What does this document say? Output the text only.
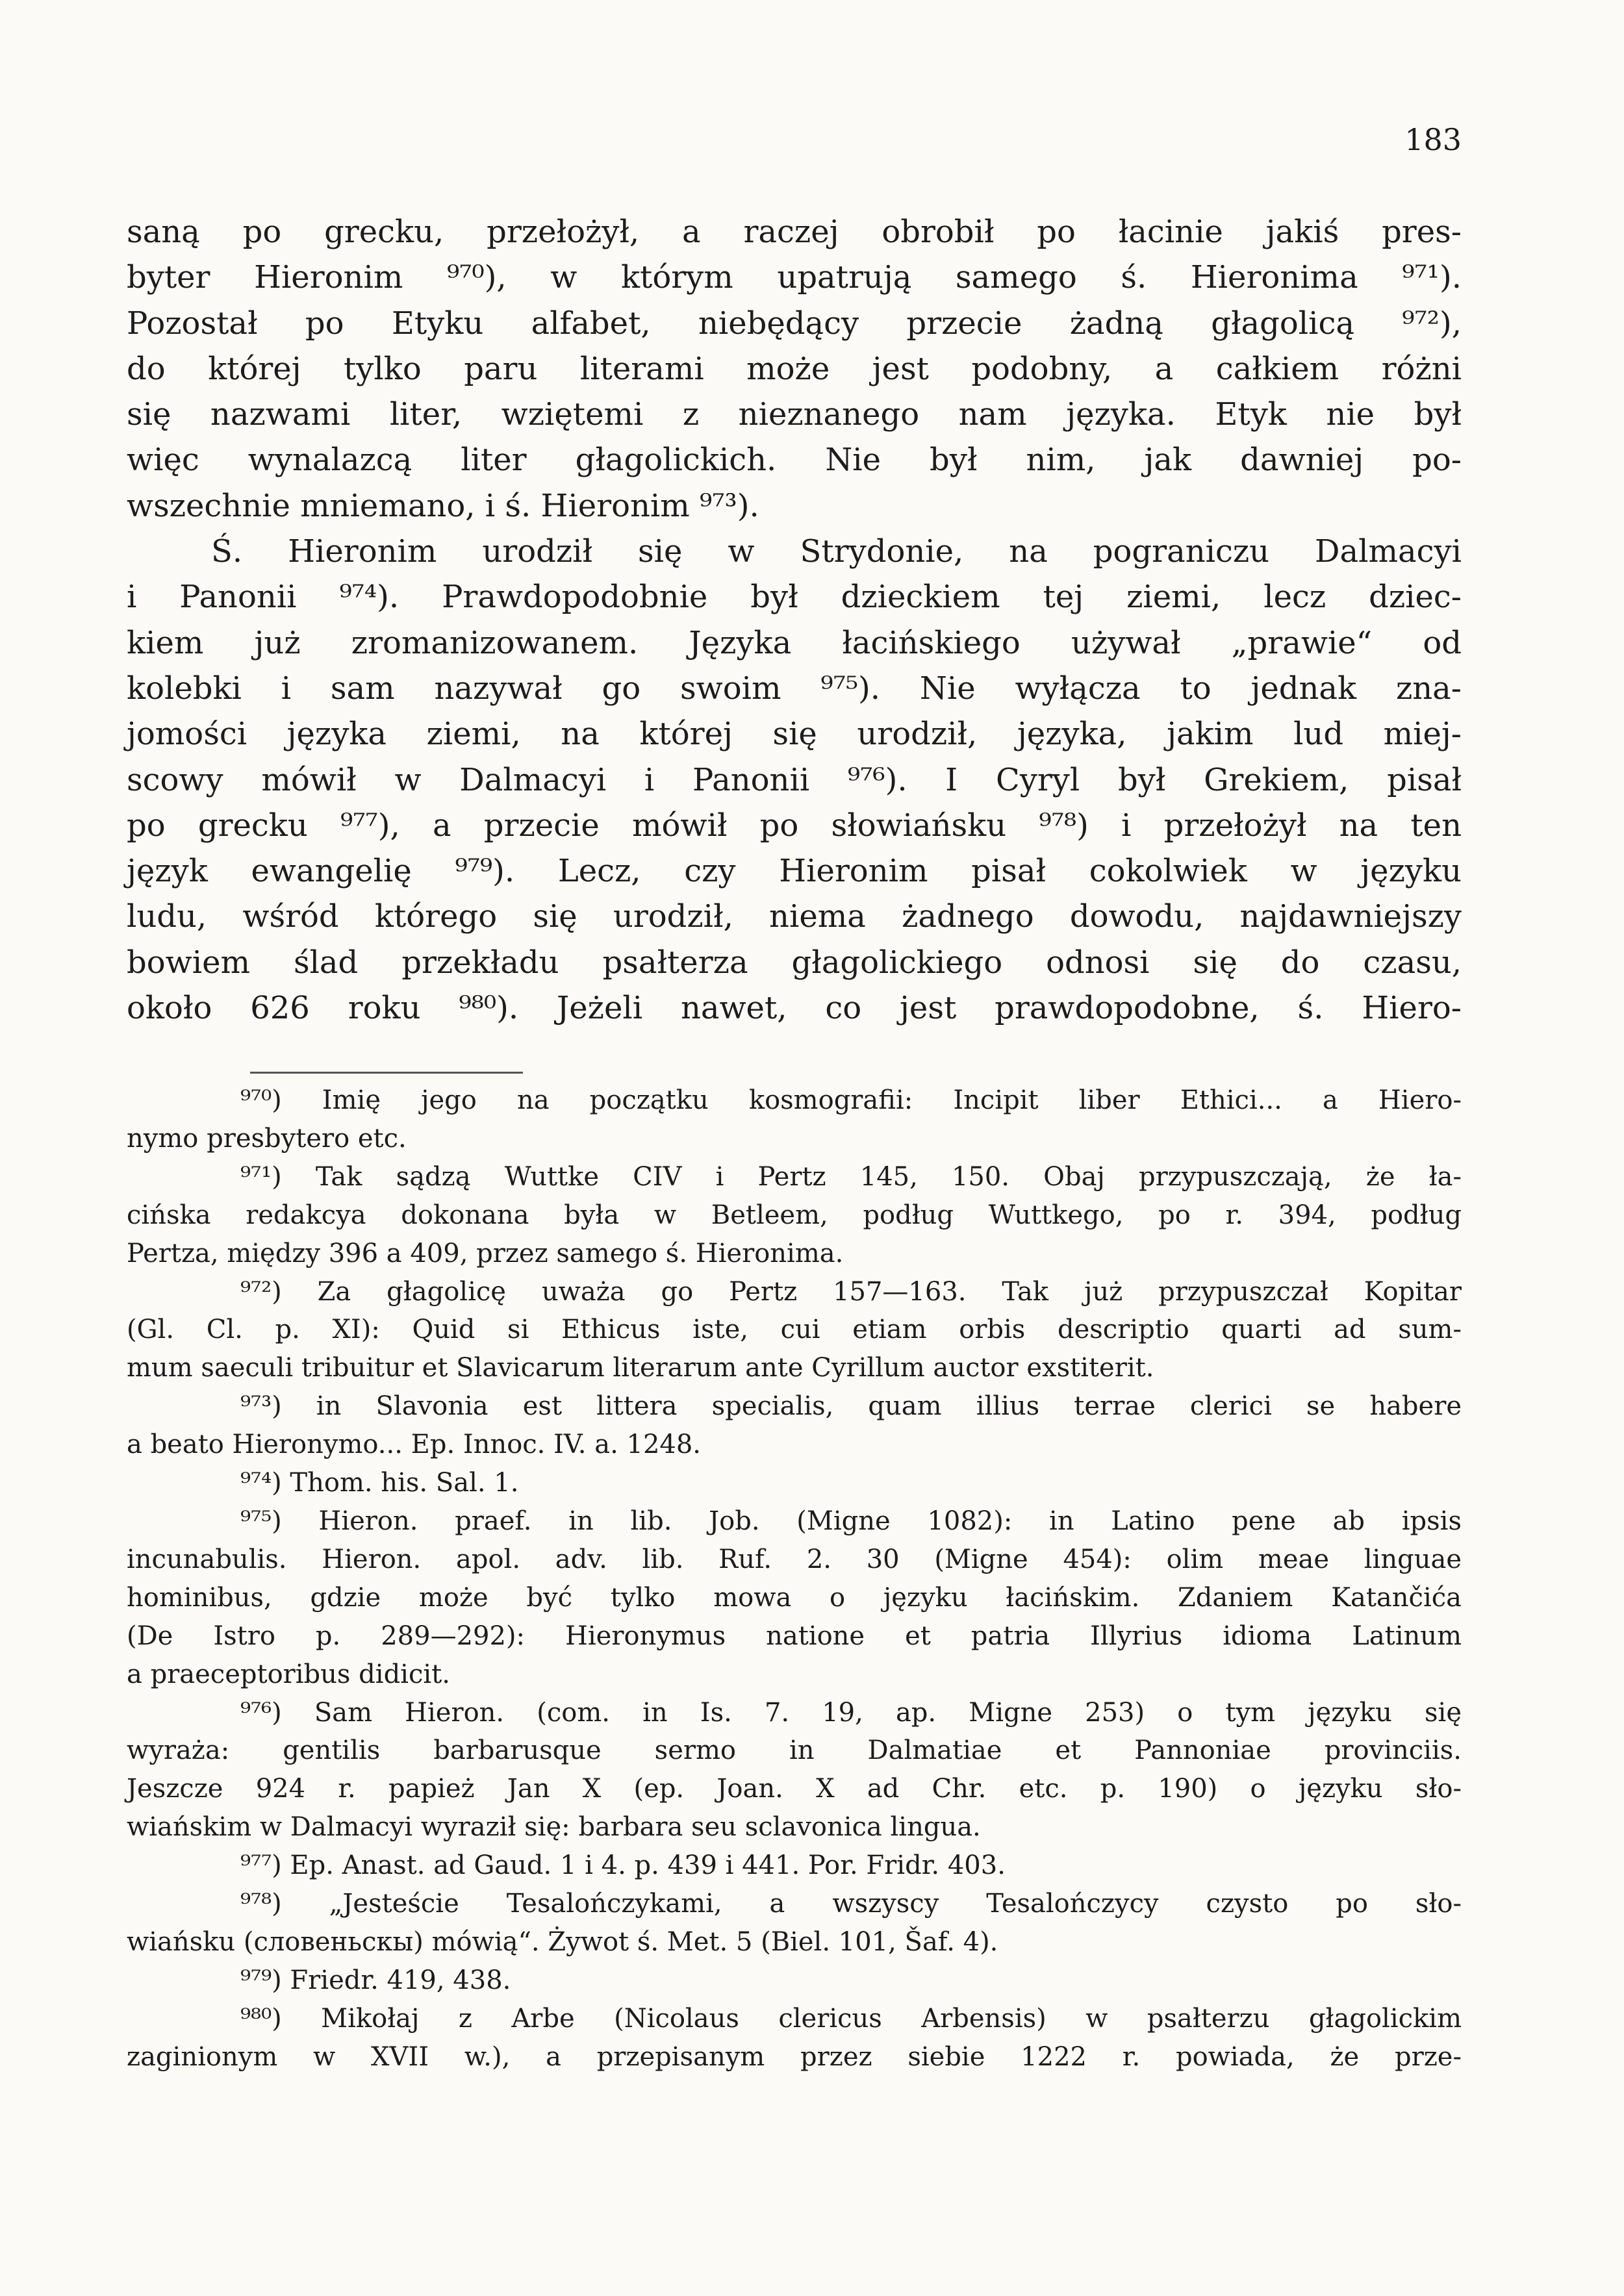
183
saną po grecku, przełożył, a raczej obrobił po łacinie jakiś pres-
byter Hieronim ⁹⁷⁰), w którym upatrują samego ś. Hieronima ⁹⁷¹).
Pozostał po Etyku alfabet, niebędący przecie żadną głagolicą ⁹⁷²),
do której tylko paru literami może jest podobny, a całkiem różni
się nazwami liter, wziętemi z nieznanego nam języka. Etyk nie był
więc wynalazcą liter głagolickich. Nie był nim, jak dawniej po-
wszechnie mniemano, i ś. Hieronim ⁹⁷³).
Ś. Hieronim urodził się w Strydonie, na pograniczu Dalmacyi
i Panonii ⁹⁷⁴). Prawdopodobnie był dzieckiem tej ziemi, lecz dziec-
kiem już zromanizowanem. Języka łacińskiego używał „prawie“ od
kolebki i sam nazywał go swoim ⁹⁷⁵). Nie wyłącza to jednak zna-
jomości języka ziemi, na której się urodził, języka, jakim lud miej-
scowy mówił w Dalmacyi i Panonii ⁹⁷⁶). I Cyryl był Grekiem, pisał
po grecku ⁹⁷⁷), a przecie mówił po słowiańsku ⁹⁷⁸) i przełożył na ten
język ewangelię ⁹⁷⁹). Lecz, czy Hieronim pisał cokolwiek w języku
ludu, wśród którego się urodził, niema żadnego dowodu, najdawniejszy
bowiem ślad przekładu psałterza głagolickiego odnosi się do czasu,
około 626 roku ⁹⁸⁰). Jeżeli nawet, co jest prawdopodobne, ś. Hiero-
⁹⁷⁰) Imię jego na początku kosmografii: Incipit liber Ethici... a Hiero-
nymo presbytero etc.
⁹⁷¹) Tak sądzą Wuttke CIV i Pertz 145, 150. Obaj przypuszczają, że ła-
cińska redakcya dokonana była w Betleem, podług Wuttkego, po r. 394, podług
Pertza, między 396 a 409, przez samego ś. Hieronima.
⁹⁷²) Za głagolicę uważa go Pertz 157—163. Tak już przypuszczał Kopitar
(Gl. Cl. p. XI): Quid si Ethicus iste, cui etiam orbis descriptio quarti ad sum-
mum saeculi tribuitur et Slavicarum literarum ante Cyrillum auctor exstiterit.
⁹⁷³) in Slavonia est littera specialis, quam illius terrae clerici se habere
a beato Hieronymo... Ep. Innoc. IV. a. 1248.
⁹⁷⁴) Thom. his. Sal. 1.
⁹⁷⁵) Hieron. praef. in lib. Job. (Migne 1082): in Latino pene ab ipsis
incunabulis. Hieron. apol. adv. lib. Ruf. 2. 30 (Migne 454): olim meae linguae
hominibus, gdzie może być tylko mowa o języku łacińskim. Zdaniem Katančića
(De Istro p. 289—292): Hieronymus natione et patria Illyrius idioma Latinum
a praeceptoribus didicit.
⁹⁷⁶) Sam Hieron. (com. in Is. 7. 19, ap. Migne 253) o tym języku się
wyraża: gentilis barbarusque sermo in Dalmatiae et Pannoniae provinciis.
Jeszcze 924 r. papież Jan X (ep. Joan. X ad Chr. etc. p. 190) o języku sło-
wiańskim w Dalmacyi wyraził się: barbara seu sclavonica lingua.
⁹⁷⁷) Ep. Anast. ad Gaud. 1 i 4. p. 439 i 441. Por. Fridr. 403.
⁹⁷⁸) „Jesteście Tesalończykami, a wszyscy Tesalończycy czysto po sło-
wiańsku (словеньскы) mówią“. Żywot ś. Met. 5 (Biel. 101, Šaf. 4).
⁹⁷⁹) Friedr. 419, 438.
⁹⁸⁰) Mikołaj z Arbe (Nicolaus clericus Arbensis) w psałterzu głagolickim
zaginionym w XVII w.), a przepisanym przez siebie 1222 r. powiada, że prze-
